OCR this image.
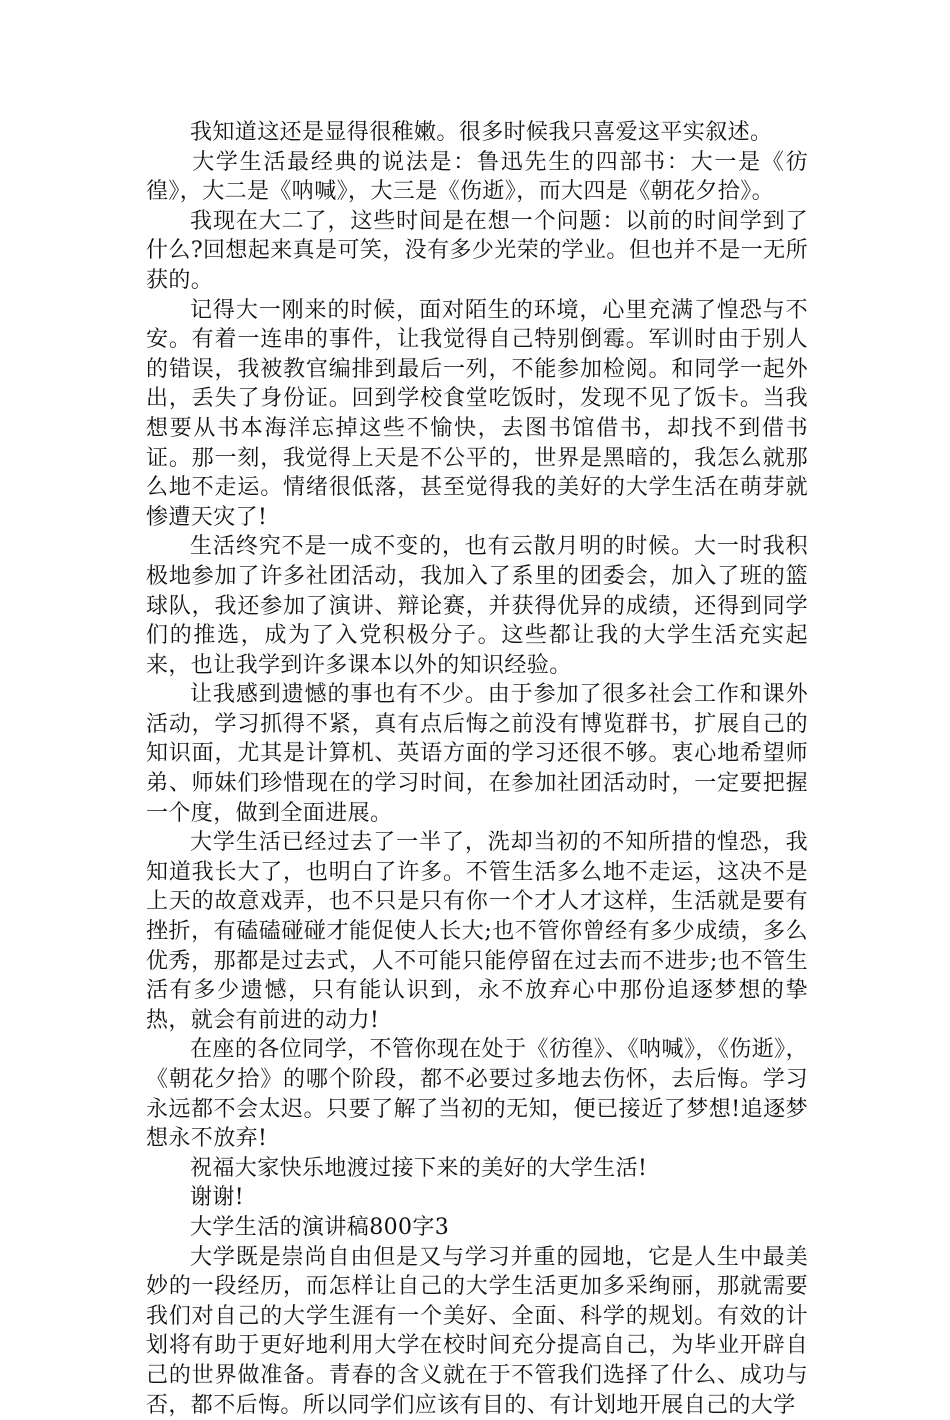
我知道这还是显得很稚嫩。很多时候我只喜爱这平实叙述。

大学生活最经典的说法是：鲁迅先生的四部书：大一是《彷徨》，大二是《呐喊》，大三是《伤逝》，而大四是《朝花夕拾》。

我现在大二了，这些时间是在想一个问题：以前的时间学到了什么?回想起来真是可笑，没有多少光荣的学业。但也并不是一无所获的。

记得大一刚来的时候，面对陌生的环境，心里充满了惶恐与不安。有着一连串的事件，让我觉得自己特别倒霉。军训时由于别人的错误，我被教官编排到最后一列，不能参加检阅。和同学一起外出，丢失了身份证。回到学校食堂吃饭时，发现不见了饭卡。当我想要从书本海洋忘掉这些不愉快，去图书馆借书，却找不到借书证。那一刻，我觉得上天是不公平的，世界是黑暗的，我怎么就那么地不走运。情绪很低落，甚至觉得我的美好的大学生活在萌芽就惨遭天灾了!

生活终究不是一成不变的，也有云散月明的时候。大一时我积极地参加了许多社团活动，我加入了系里的团委会，加入了班的篮球队，我还参加了演讲、辩论赛，并获得优异的成绩，还得到同学们的推选，成为了入党积极分子。这些都让我的大学生活充实起来，也让我学到许多课本以外的知识经验。

让我感到遗憾的事也有不少。由于参加了很多社会工作和课外活动，学习抓得不紧，真有点后悔之前没有博览群书，扩展自己的知识面，尤其是计算机、英语方面的学习还很不够。衷心地希望师弟、师妹们珍惜现在的学习时间，在参加社团活动时，一定要把握一个度，做到全面进展。

大学生活已经过去了一半了，洗却当初的不知所措的惶恐，我知道我长大了，也明白了许多。不管生活多么地不走运，这决不是上天的故意戏弄，也不只是只有你一个才人才这样，生活就是要有挫折，有磕磕碰碰才能促使人长大;也不管你曾经有多少成绩，多么优秀，那都是过去式，人不可能只能停留在过去而不进步;也不管生活有多少遗憾，只有能认识到，永不放弃心中那份追逐梦想的挚热，就会有前进的动力!

在座的各位同学，不管你现在处于《彷徨》、《呐喊》，《伤逝》，《朝花夕拾》的哪个阶段，都不必要过多地去伤怀，去后悔。学习永远都不会太迟。只要了解了当初的无知，便已接近了梦想!追逐梦想永不放弃!

祝福大家快乐地渡过接下来的美好的大学生活!

谢谢!

大学生活的演讲稿800字3

大学既是崇尚自由但是又与学习并重的园地，它是人生中最美妙的一段经历，而怎样让自己的大学生活更加多采绚丽，那就需要我们对自己的大学生涯有一个美好、全面、科学的规划。有效的计划将有助于更好地利用大学在校时间充分提高自己，为毕业开辟自己的世界做准备。青春的含义就在于不管我们选择了什么、成功与否，都不后悔。所以同学们应该有目的、有计划地开展自己的大学
